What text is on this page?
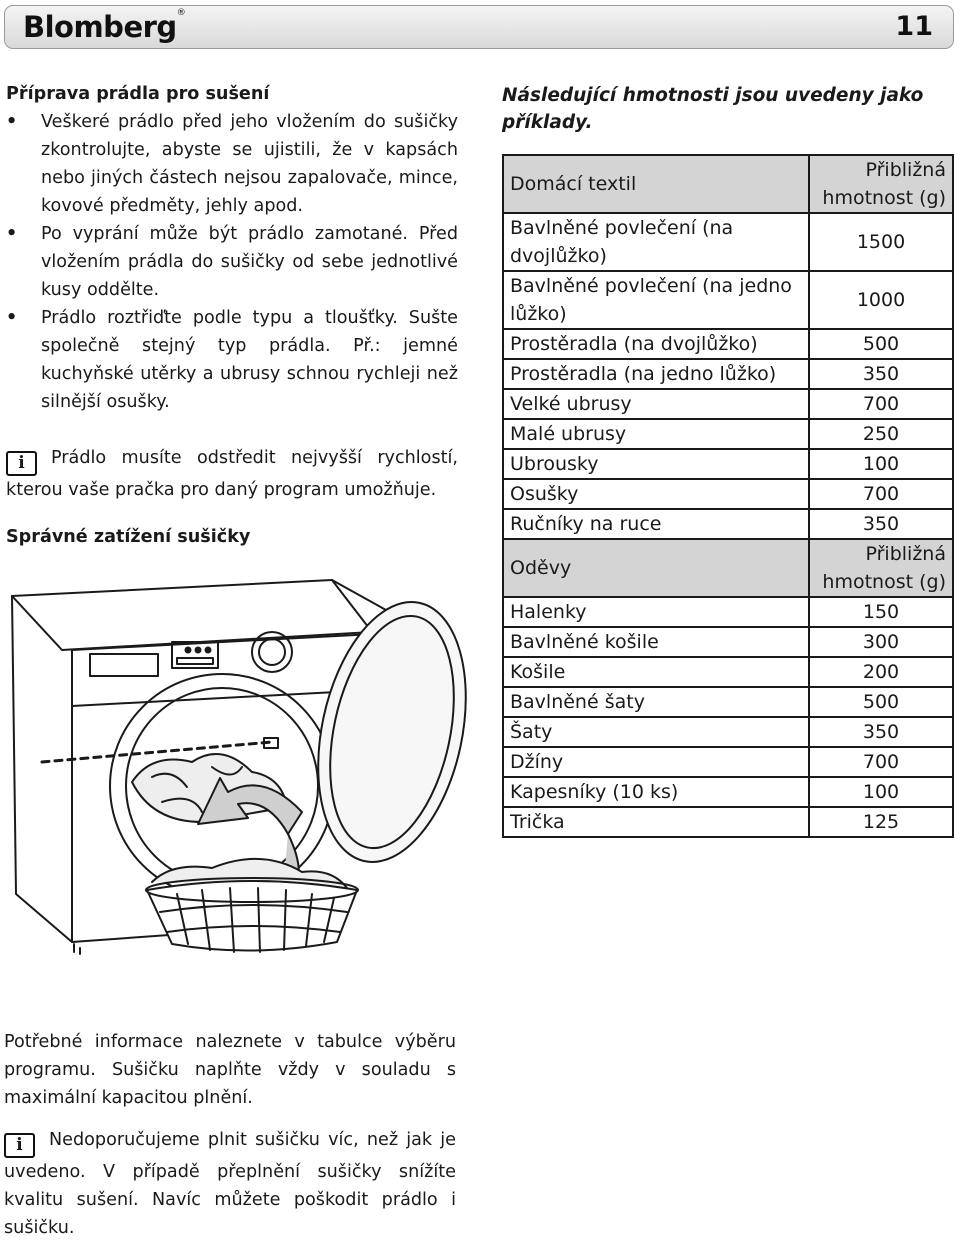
Blomberg®	11

Příprava prádla pro sušení

• Veškeré prádlo před jeho vložením do sušičky zkontrolujte, abyste se ujistili, že v kapsách nebo jiných částech nejsou zapalovače, mince, kovové předměty, jehly apod.
• Po vyprání může být prádlo zamotané. Před vložením prádla do sušičky od sebe jednotlivé kusy oddělte.
• Prádlo roztřiďte podle typu a tloušťky. Sušte společně stejný typ prádla. Př.: jemné kuchyňské utěrky a ubrusy schnou rychleji než silnější osušky.
i Prádlo musíte odstředit nejvyšší rychlostí, kterou vaše pračka pro daný program umožňuje.
Správné zatížení sušičky
Následující hmotnosti jsou uvedeny jako příklady.
Domácí textil	Přibližná hmotnost (g)
Bavlněné povlečení (na dvojlůžko)	1500
Bavlněné povlečení (na jedno lůžko)	1000
Prostěradla (na dvojlůžko)	500
Prostěradla (na jedno lůžko)	350
Velké ubrusy	700
Malé ubrusy	250
Ubrousky	100
Osušky	700
Ručníky na ruce	350
Oděvy	Přibližná hmotnost (g)
Halenky	150
Bavlněné košile	300
Košile	200
Bavlněné šaty	500
Šaty	350
Džíny	700
Kapesníky (10 ks)	100
Trička	125
Potřebné informace naleznete v tabulce výběru programu. Sušičku naplňte vždy v souladu s maximální kapacitou plnění.
i Nedoporučujeme plnit sušičku víc, než jak je uvedeno. V případě přeplnění sušičky snížíte kvalitu sušení. Navíc můžete poškodit prádlo i sušičku.
